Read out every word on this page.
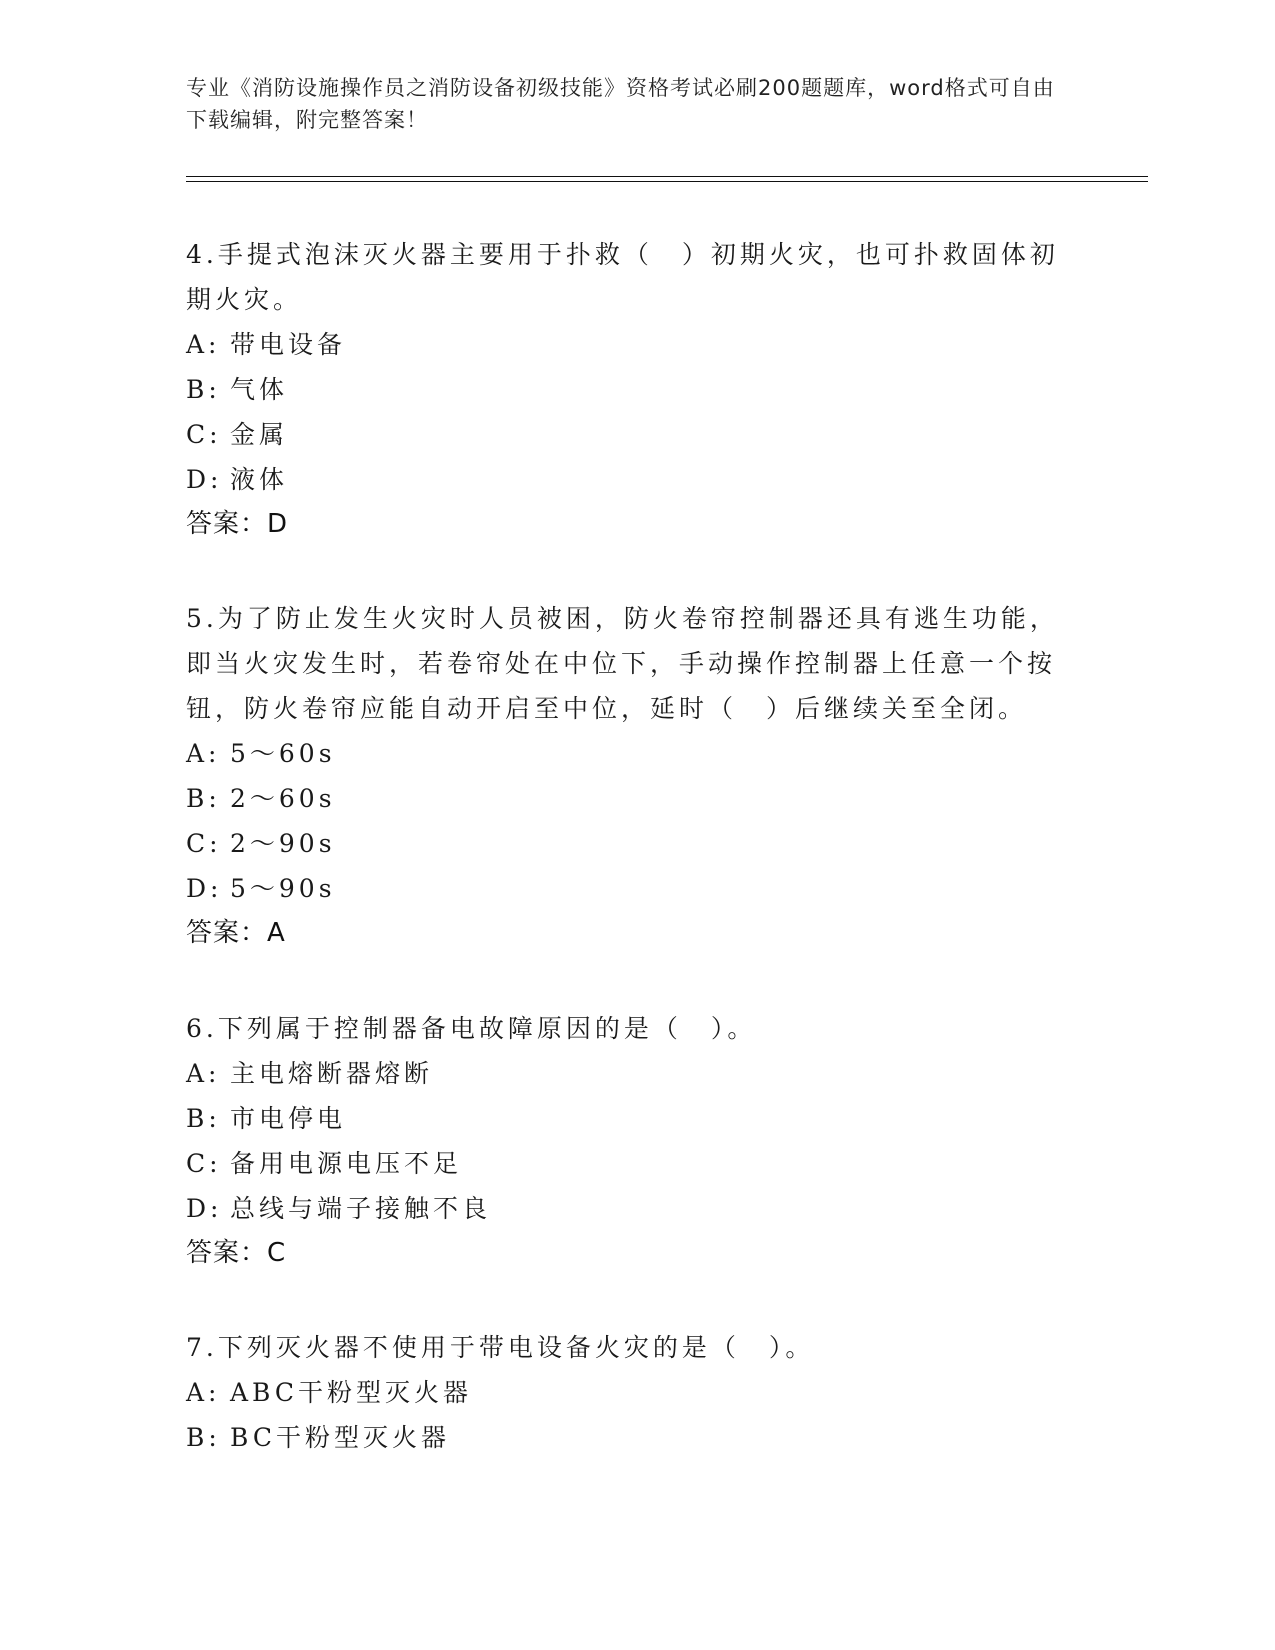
专业《消防设施操作员之消防设备初级技能》资格考试必刷200题题库，word格式可自由下载编辑，附完整答案！

4.手提式泡沫灭火器主要用于扑救（　）初期火灾，也可扑救固体初期火灾。

A: 带电设备

B: 气体

C: 金属

D: 液体

答案：D

5.为了防止发生火灾时人员被困，防火卷帘控制器还具有逃生功能，即当火灾发生时，若卷帘处在中位下，手动操作控制器上任意一个按钮，防火卷帘应能自动开启至中位，延时（　）后继续关至全闭。

A: 5～60s

B: 2～60s

C: 2～90s

D: 5～90s

答案：A

6.下列属于控制器备电故障原因的是（　）。

A: 主电熔断器熔断

B: 市电停电

C: 备用电源电压不足

D: 总线与端子接触不良

答案：C

7.下列灭火器不使用于带电设备火灾的是（　）。

A: ABC干粉型灭火器

B: BC干粉型灭火器
